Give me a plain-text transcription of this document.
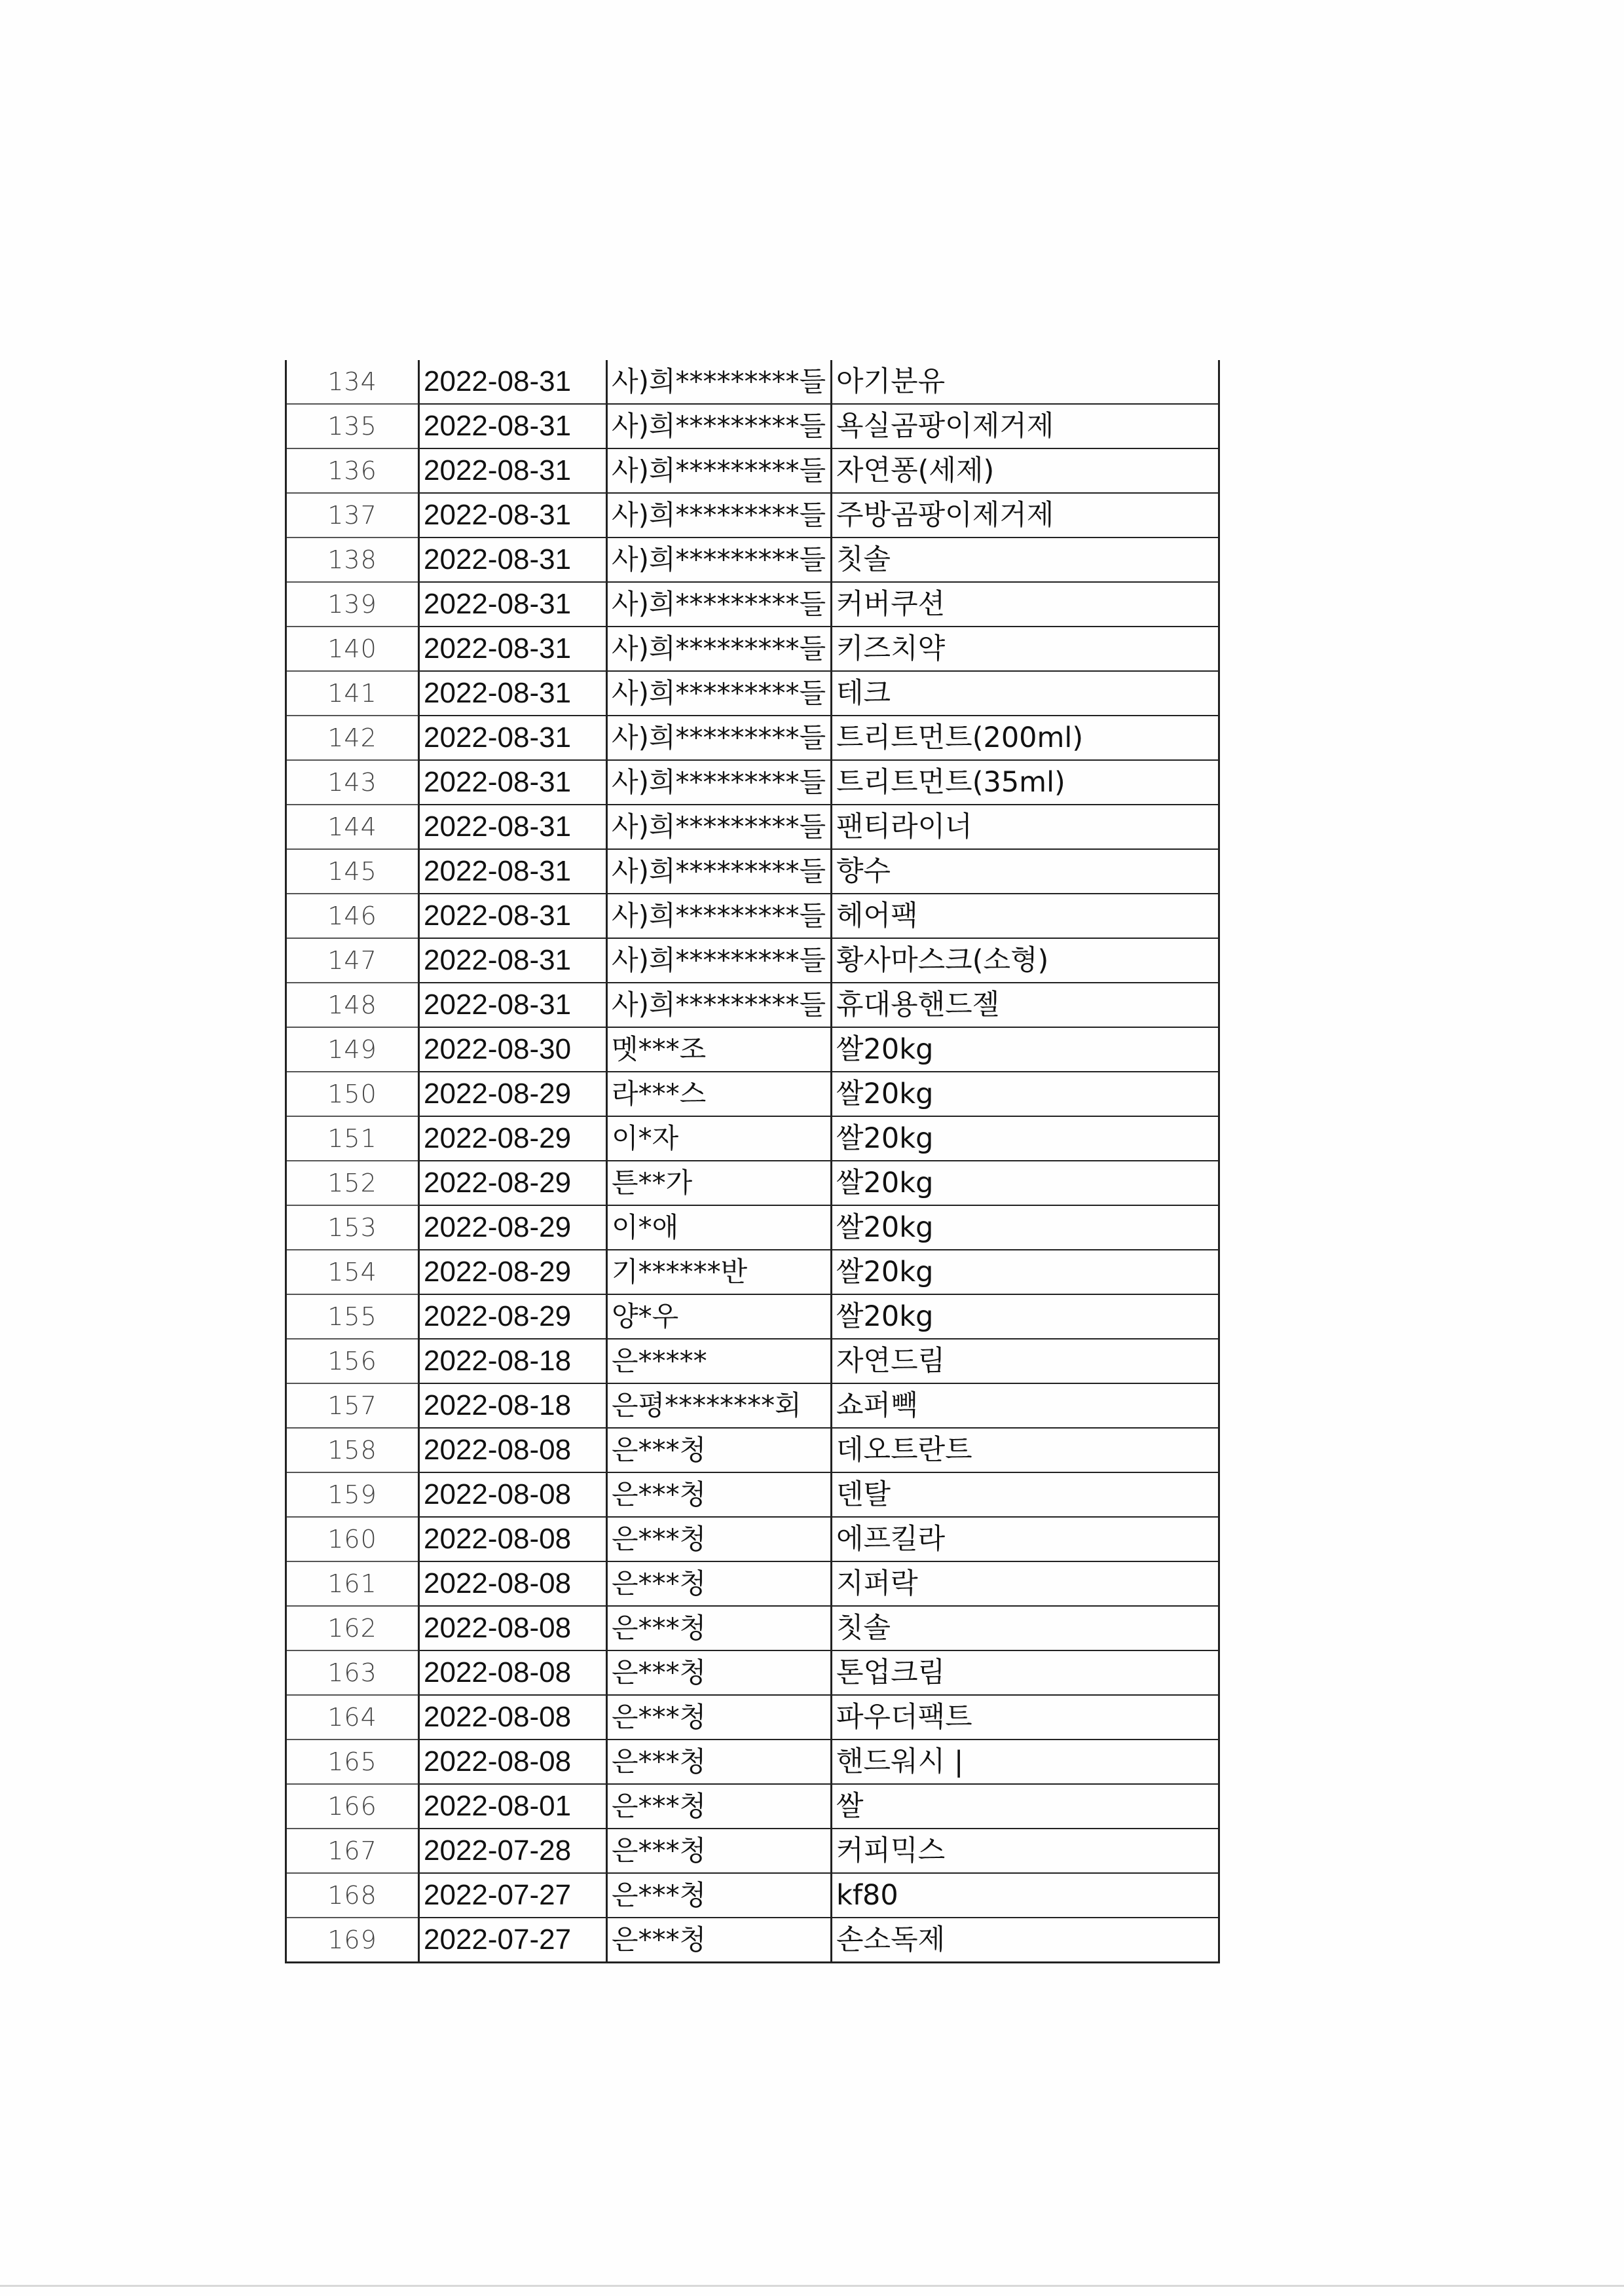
134	2022-08-31	사)희*********들	아기분유
135	2022-08-31	사)희*********들	욕실곰팡이제거제
136	2022-08-31	사)희*********들	자연퐁(세제)
137	2022-08-31	사)희*********들	주방곰팡이제거제
138	2022-08-31	사)희*********들	칫솔
139	2022-08-31	사)희*********들	커버쿠션
140	2022-08-31	사)희*********들	키즈치약
141	2022-08-31	사)희*********들	테크
142	2022-08-31	사)희*********들	트리트먼트(200ml)
143	2022-08-31	사)희*********들	트리트먼트(35ml)
144	2022-08-31	사)희*********들	팬티라이너
145	2022-08-31	사)희*********들	향수
146	2022-08-31	사)희*********들	헤어팩
147	2022-08-31	사)희*********들	황사마스크(소형)
148	2022-08-31	사)희*********들	휴대용핸드젤
149	2022-08-30	멧***조	쌀20kg
150	2022-08-29	라***스	쌀20kg
151	2022-08-29	이*자	쌀20kg
152	2022-08-29	튼**가	쌀20kg
153	2022-08-29	이*애	쌀20kg
154	2022-08-29	기******반	쌀20kg
155	2022-08-29	양*우	쌀20kg
156	2022-08-18	은*****	자연드림
157	2022-08-18	은평********회	쇼퍼빽
158	2022-08-08	은***청	데오트란트
159	2022-08-08	은***청	덴탈
160	2022-08-08	은***청	에프킬라
161	2022-08-08	은***청	지퍼락
162	2022-08-08	은***청	칫솔
163	2022-08-08	은***청	톤업크림
164	2022-08-08	은***청	파우더팩트
165	2022-08-08	은***청	핸드워시 |
166	2022-08-01	은***청	쌀
167	2022-07-28	은***청	커피믹스
168	2022-07-27	은***청	kf80
169	2022-07-27	은***청	손소독제
